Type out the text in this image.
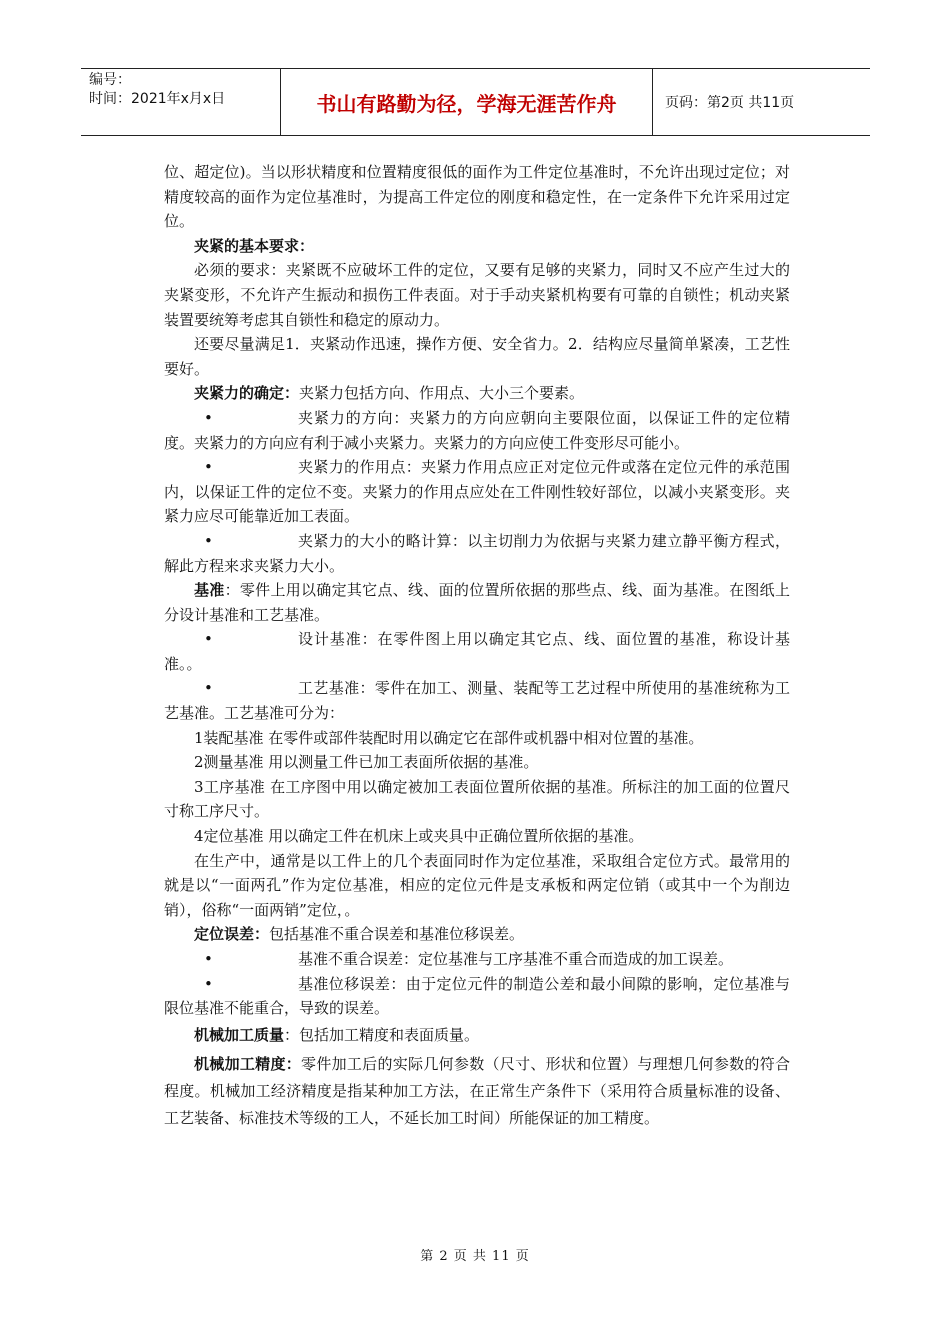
编号：
时间：2021年x月x日	书山有路勤为径，学海无涯苦作舟	页码：第2页 共11页

位、超定位)。当以形状精度和位置精度很低的面作为工件定位基准时，不允许出现过定位；对精度较高的面作为定位基准时，为提高工件定位的刚度和稳定性，在一定条件下允许采用过定位。

夹紧的基本要求：

必须的要求：夹紧既不应破坏工件的定位，又要有足够的夹紧力，同时又不应产生过大的夹紧变形，不允许产生振动和损伤工件表面。对于手动夹紧机构要有可靠的自锁性；机动夹紧装置要统筹考虑其自锁性和稳定的原动力。

还要尽量满足1．夹紧动作迅速，操作方便、安全省力。2．结构应尽量简单紧凑，工艺性要好。

夹紧力的确定：夹紧力包括方向、作用点、大小三个要素。

•	夹紧力的方向：夹紧力的方向应朝向主要限位面，以保证工件的定位精度。夹紧力的方向应有利于减小夹紧力。夹紧力的方向应使工件变形尽可能小。

•	夹紧力的作用点：夹紧力作用点应正对定位元件或落在定位元件的承范围内，以保证工件的定位不变。夹紧力的作用点应处在工件刚性较好部位，以减小夹紧变形。夹紧力应尽可能靠近加工表面。

•	夹紧力的大小的略计算：以主切削力为依据与夹紧力建立静平衡方程式，解此方程来求夹紧力大小。

基准：零件上用以确定其它点、线、面的位置所依据的那些点、线、面为基准。在图纸上分设计基准和工艺基准。

•	设计基准：在零件图上用以确定其它点、线、面位置的基准，称设计基准。。

•	工艺基准：零件在加工、测量、装配等工艺过程中所使用的基准统称为工艺基准。工艺基准可分为：

1装配基准 在零件或部件装配时用以确定它在部件或机器中相对位置的基准。

2测量基准 用以测量工件已加工表面所依据的基准。

3工序基准 在工序图中用以确定被加工表面位置所依据的基准。所标注的加工面的位置尺寸称工序尺寸。

4定位基准 用以确定工件在机床上或夹具中正确位置所依据的基准。

在生产中，通常是以工件上的几个表面同时作为定位基准，采取组合定位方式。最常用的就是以“一面两孔”作为定位基准，相应的定位元件是支承板和两定位销（或其中一个为削边销），俗称“一面两销”定位，。

定位误差：包括基准不重合误差和基准位移误差。

•	基准不重合误差：定位基准与工序基准不重合而造成的加工误差。

•	基准位移误差：由于定位元件的制造公差和最小间隙的影响，定位基准与限位基准不能重合，导致的误差。

机械加工质量：包括加工精度和表面质量。

机械加工精度：零件加工后的实际几何参数（尺寸、形状和位置）与理想几何参数的符合程度。机械加工经济精度是指某种加工方法，在正常生产条件下（采用符合质量标准的设备、工艺装备、标准技术等级的工人，不延长加工时间）所能保证的加工精度。

第 2 页 共 11 页
